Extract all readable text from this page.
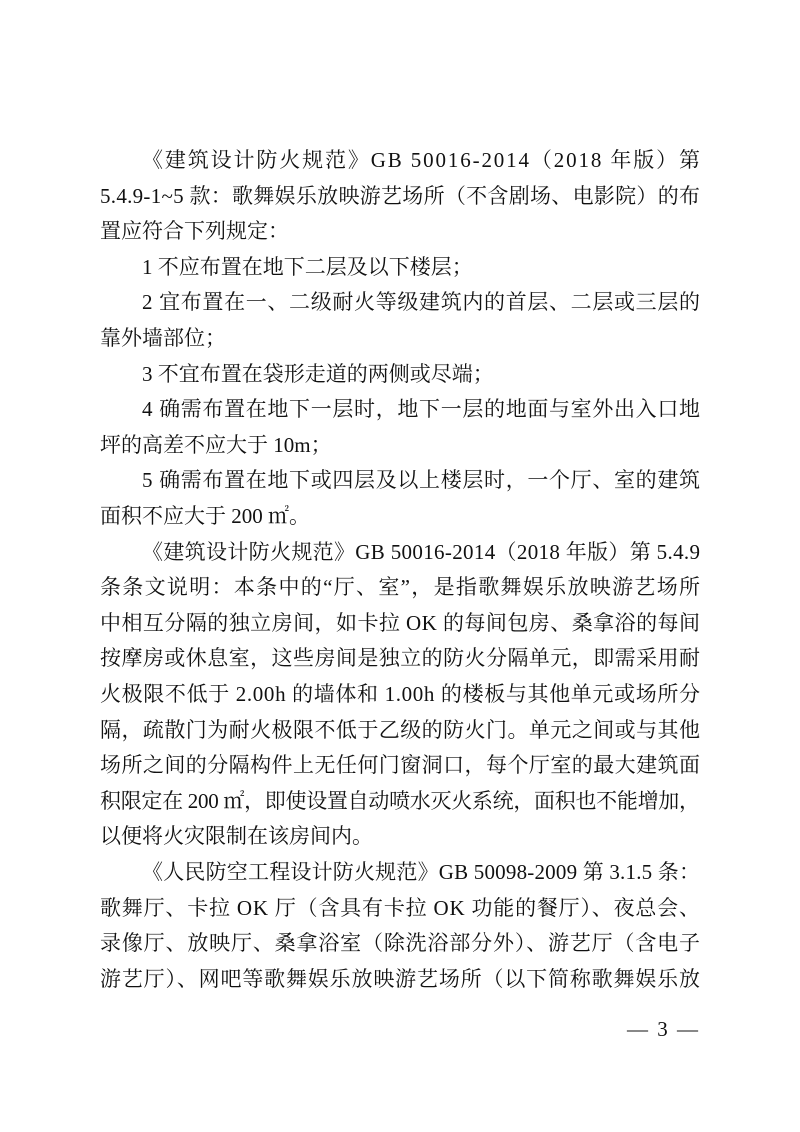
— 3 —
《建筑设计防火规范》GB 50016-2014（2018 年版）第
5.4.9-1~5 款：歌舞娱乐放映游艺场所（不含剧场、电影院）的布
置应符合下列规定：
1 不应布置在地下二层及以下楼层；
2 宜布置在一、二级耐火等级建筑内的首层、二层或三层的
靠外墙部位；
3 不宜布置在袋形走道的两侧或尽端；
4 确需布置在地下一层时，地下一层的地面与室外出入口地
坪的高差不应大于 10m；
5 确需布置在地下或四层及以上楼层时，一个厅、室的建筑
面积不应大于 200 ㎡。
《建筑设计防火规范》GB 50016-2014（2018 年版）第 5.4.9
条条文说明：本条中的“厅、室”，是指歌舞娱乐放映游艺场所
中相互分隔的独立房间，如卡拉 OK 的每间包房、桑拿浴的每间
按摩房或休息室，这些房间是独立的防火分隔单元，即需采用耐
火极限不低于 2.00h 的墙体和 1.00h 的楼板与其他单元或场所分
隔，疏散门为耐火极限不低于乙级的防火门。单元之间或与其他
场所之间的分隔构件上无任何门窗洞口，每个厅室的最大建筑面
积限定在 200 ㎡，即使设置自动喷水灭火系统，面积也不能增加，
以便将火灾限制在该房间内。
《人民防空工程设计防火规范》GB 50098-2009 第 3.1.5 条：
歌舞厅、卡拉 OK 厅（含具有卡拉 OK 功能的餐厅）、夜总会、
录像厅、放映厅、桑拿浴室（除洗浴部分外）、游艺厅（含电子
游艺厅）、网吧等歌舞娱乐放映游艺场所（以下简称歌舞娱乐放
